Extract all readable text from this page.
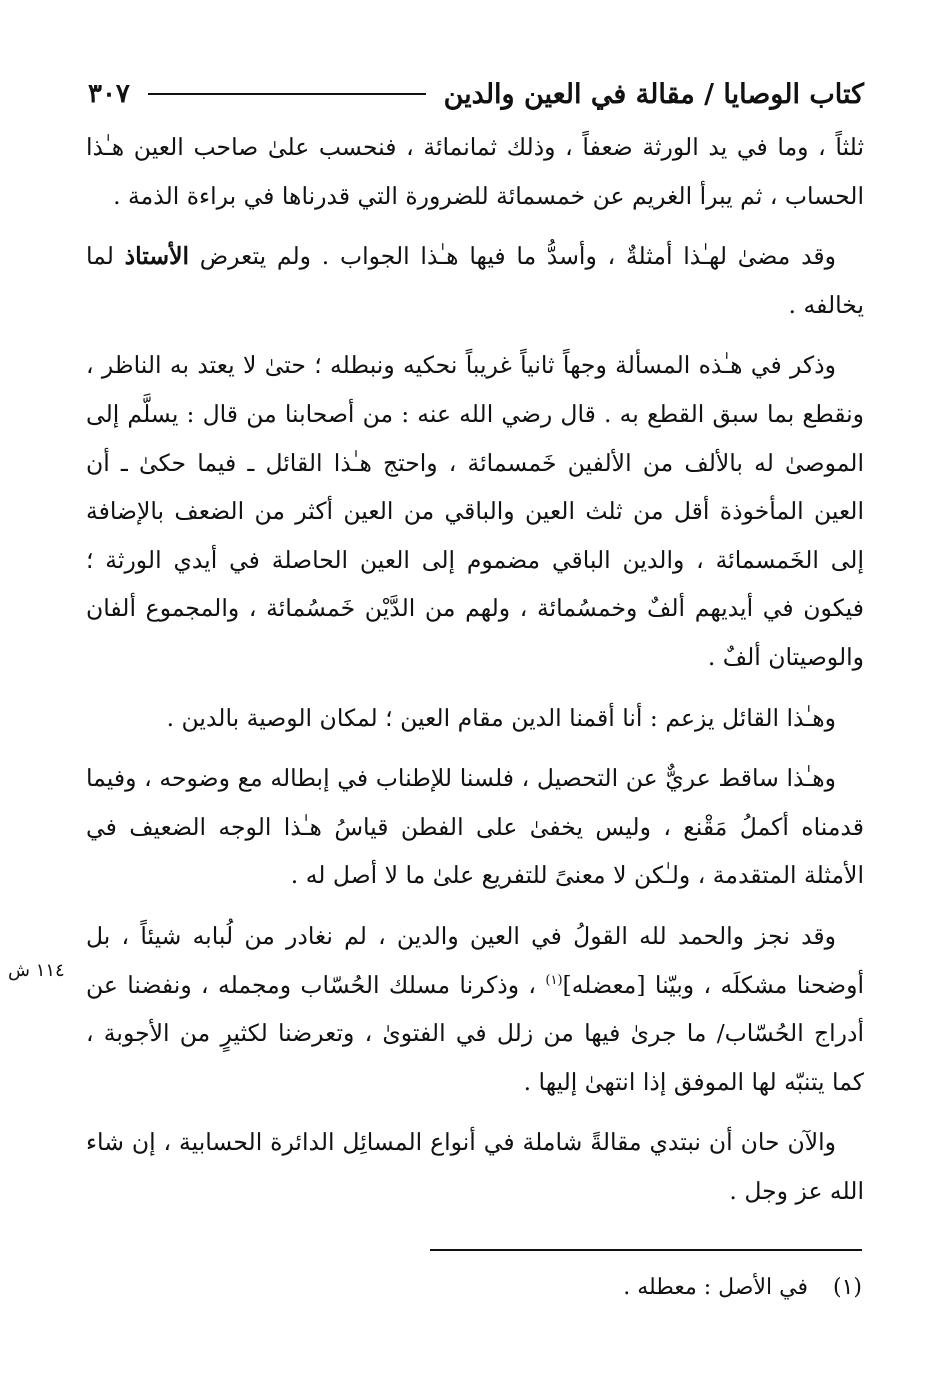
كتاب الوصايا / مقالة في العين والدين
٣٠٧

ثلثاً ، وما في يد الورثة ضعفاً ، وذلك ثمانمائة ، فنحسب علىٰ صاحب العين هـٰذا الحساب ، ثم يبرأ الغريم عن خمسمائة للضرورة التي قدرناها في براءة الذمة .

وقد مضىٰ لهـٰذا أمثلةٌ ، وأسدُّ ما فيها هـٰذا الجواب . ولم يتعرض الأستاذ لما يخالفه .

وذكر في هـٰذه المسألة وجهاً ثانياً غريباً نحكيه ونبطله ؛ حتىٰ لا يعتد به الناظر ، ونقطع بما سبق القطع به . قال رضي الله عنه : من أصحابنا من قال : يسلَّم إلى الموصىٰ له بالألف من الألفين خَمسمائة ، واحتج هـٰذا القائل ـ فيما حكىٰ ـ أن العين المأخوذة أقل من ثلث العين والباقي من العين أكثر من الضعف بالإضافة إلى الخَمسمائة ، والدين الباقي مضموم إلى العين الحاصلة في أيدي الورثة ؛ فيكون في أيديهم ألفٌ وخمسُمائة ، ولهم من الدَّيْن خَمسُمائة ، والمجموع ألفان والوصيتان ألفٌ .

وهـٰذا القائل يزعم : أنا أقمنا الدين مقام العين ؛ لمكان الوصية بالدين .

وهـٰذا ساقط عريٌّ عن التحصيل ، فلسنا للإطناب في إبطاله مع وضوحه ، وفيما قدمناه أكملُ مَقْنع ، وليس يخفىٰ على الفطن قياسُ هـٰذا الوجه الضعيف في الأمثلة المتقدمة ، ولـٰكن لا معنىً للتفريع علىٰ ما لا أصل له .

وقد نجز والحمد لله القولُ في العين والدين ، لم نغادر من لُبابه شيئاً ، بل أوضحنا مشكلَه ، وبيّنا [معضله]$^{(١)}$ ، وذكرنا مسلك الحُسّاب ومجمله ، ونفضنا عن أدراج الحُسّاب/ ما جرىٰ فيها من زلل في الفتوىٰ ، وتعرضنا لكثيرٍ من الأجوبة ، كما يتنبّه لها الموفق إذا انتهىٰ إليها .

والآن حان أن نبتدي مقالةً شاملة في أنواع المسائِل الدائرة الحسابية ، إن شاء الله عز وجل .

١١٤ ش
(١) في الأصل : معطله .
